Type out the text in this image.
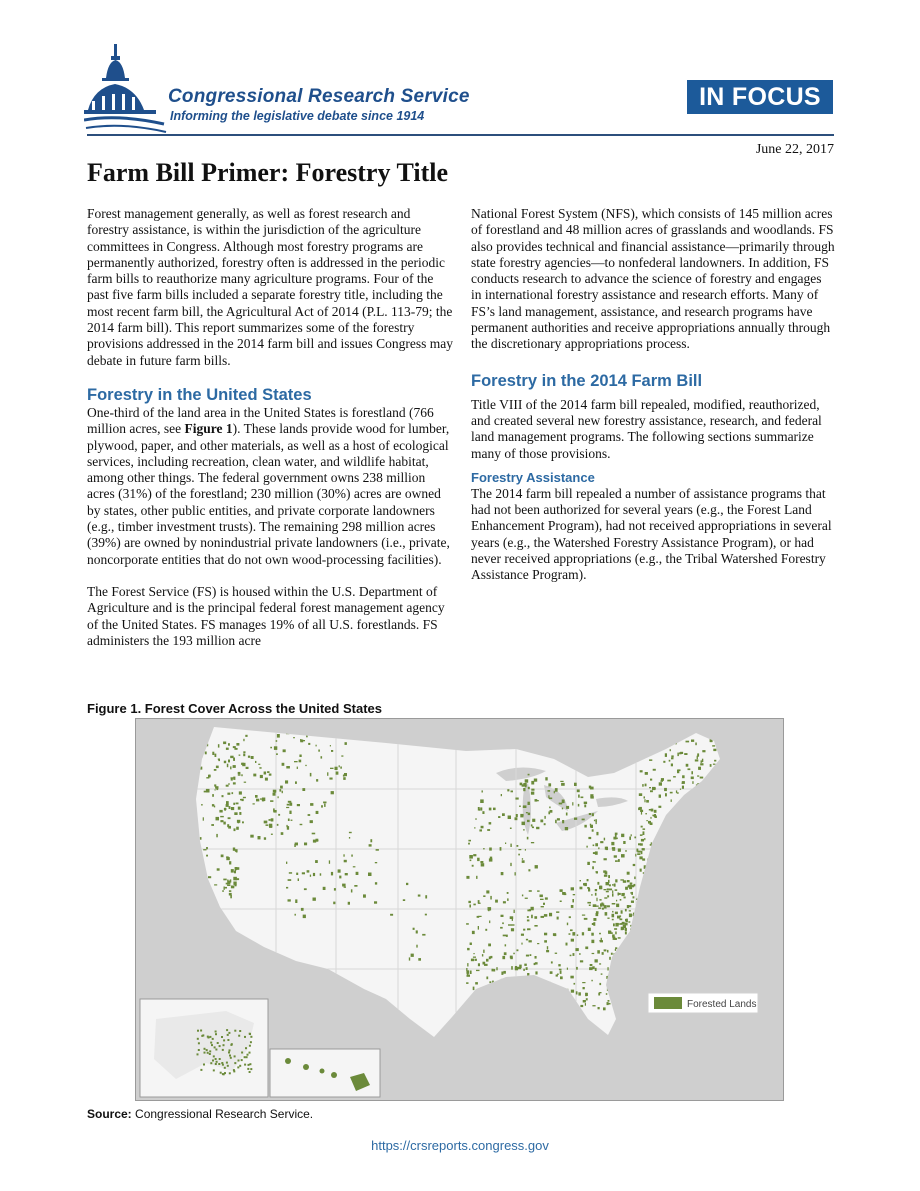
Congressional Research Service
Informing the legislative debate since 1914
IN FOCUS
June 22, 2017
Farm Bill Primer: Forestry Title

Forest management generally, as well as forest research and forestry assistance, is within the jurisdiction of the agriculture committees in Congress. Although most forestry programs are permanently authorized, forestry often is addressed in the periodic farm bills to reauthorize many agriculture programs. Four of the past five farm bills included a separate forestry title, including the most recent farm bill, the Agricultural Act of 2014 (P.L. 113-79; the 2014 farm bill). This report summarizes some of the forestry provisions addressed in the 2014 farm bill and issues Congress may debate in future farm bills.

Forestry in the United States

One-third of the land area in the United States is forestland (766 million acres, see Figure 1). These lands provide wood for lumber, plywood, paper, and other materials, as well as a host of ecological services, including recreation, clean water, and wildlife habitat, among other things. The federal government owns 238 million acres (31%) of the forestland; 230 million (30%) acres are owned by states, other public entities, and private corporate landowners (e.g., timber investment trusts). The remaining 298 million acres (39%) are owned by nonindustrial private landowners (i.e., private, noncorporate entities that do not own wood-processing facilities).

The Forest Service (FS) is housed within the U.S. Department of Agriculture and is the principal federal forest management agency of the United States. FS manages 19% of all U.S. forestlands. FS administers the 193 million acre

National Forest System (NFS), which consists of 145 million acres of forestland and 48 million acres of grasslands and woodlands. FS also provides technical and financial assistance—primarily through state forestry agencies—to nonfederal landowners. In addition, FS conducts research to advance the science of forestry and engages in international forestry assistance and research efforts. Many of FS’s land management, assistance, and research programs have permanent authorities and receive appropriations annually through the discretionary appropriations process.

Forestry in the 2014 Farm Bill

Title VIII of the 2014 farm bill repealed, modified, reauthorized, and created several new forestry assistance, research, and federal land management programs. The following sections summarize many of those provisions.

Forestry Assistance

The 2014 farm bill repealed a number of assistance programs that had not been authorized for several years (e.g., the Forest Land Enhancement Program), had not received appropriations in several years (e.g., the Watershed Forestry Assistance Program), or had never received appropriations (e.g., the Tribal Watershed Forestry Assistance Program).

Figure 1. Forest Cover Across the United States
Forested Lands
Source: Congressional Research Service.
https://crsreports.congress.gov
